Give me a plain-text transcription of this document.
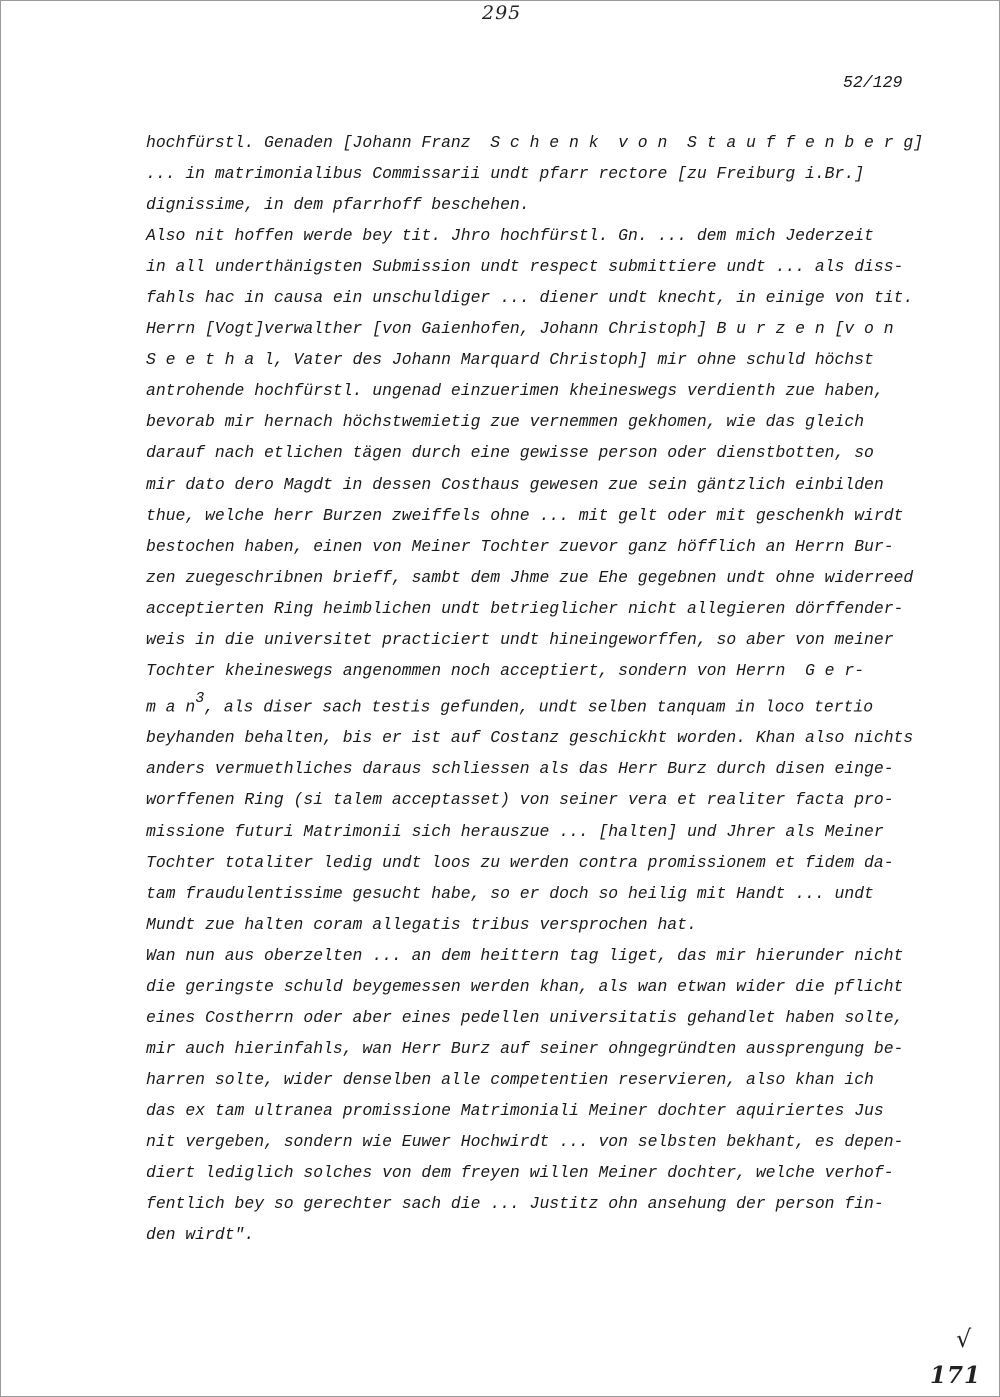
295
52/129
hochfürstl. Genaden [Johann Franz  S c h e n k  v o n  S t a u f f e n b e r g]
... in matrimonialibus Commissarii undt pfarr rectore [zu Freiburg i.Br.]
dignissime, in dem pfarrhoff beschehen.
Also nit hoffen werde bey tit. Jhro hochfürstl. Gn. ... dem mich Jederzeit
in all underthänigsten Submission undt respect submittiere undt ... als diss-
fahls hac in causa ein unschuldiger ... diener undt knecht, in einige von tit.
Herrn [Vogt]verwalther [von Gaienhofen, Johann Christoph] B u r z e n [v o n
S e e t h a l, Vater des Johann Marquard Christoph] mir ohne schuld höchst
antrohende hochfürstl. ungenad einzuerimen kheineswegs verdienth zue haben,
bevorab mir hernach höchstwemietig zue vernemmen gekhomen, wie das gleich
darauf nach etlichen tägen durch eine gewisse person oder dienstbotten, so
mir dato dero Magdt in dessen Costhaus gewesen zue sein gäntzlich einbilden
thue, welche herr Burzen zweiffels ohne ... mit gelt oder mit geschenkh wirdt
bestochen haben, einen von Meiner Tochter zuevor ganz höfflich an Herrn Bur-
zen zuegeschribnen brieff, sambt dem Jhme zue Ehe gegebnen undt ohne widerreed
acceptierten Ring heimblichen undt betrieglicher nicht allegieren dörffender-
weis in die universitet practiciert undt hineingeworffen, so aber von meiner
Tochter kheineswegs angenommen noch acceptiert, sondern von Herrn  G e r-
m a $n^3$, als diser sach testis gefunden, undt selben tanquam in loco tertio
beyhanden behalten, bis er ist auf Costanz geschickht worden. Khan also nichts
anders vermuethliches daraus schliessen als das Herr Burz durch disen einge-
worffenen Ring (si talem acceptasset) von seiner vera et realiter facta pro-
missione futuri Matrimonii sich herauszue ... [halten] und Jhrer als Meiner
Tochter totaliter ledig undt loos zu werden contra promissionem et fidem da-
tam fraudulentissime gesucht habe, so er doch so heilig mit Handt ... undt
Mundt zue halten coram allegatis tribus versprochen hat.
Wan nun aus oberzelten ... an dem heittern tag liget, das mir hierunder nicht
die geringste schuld beygemessen werden khan, als wan etwan wider die pflicht
eines Costherrn oder aber eines pedellen universitatis gehandlet haben solte,
mir auch hierinfahls, wan Herr Burz auf seiner ohngegründten aussprengung be-
harren solte, wider denselben alle competentien reservieren, also khan ich
das ex tam ultranea promissione Matrimoniali Meiner dochter aquiriertes Jus
nit vergeben, sondern wie Euwer Hochwirdt ... von selbsten bekhant, es depen-
diert lediglich solches von dem freyen willen Meiner dochter, welche verhof-
fentlich bey so gerechter sach die ... Justitz ohn ansehung der person fin-
den wirdt".
√
171
